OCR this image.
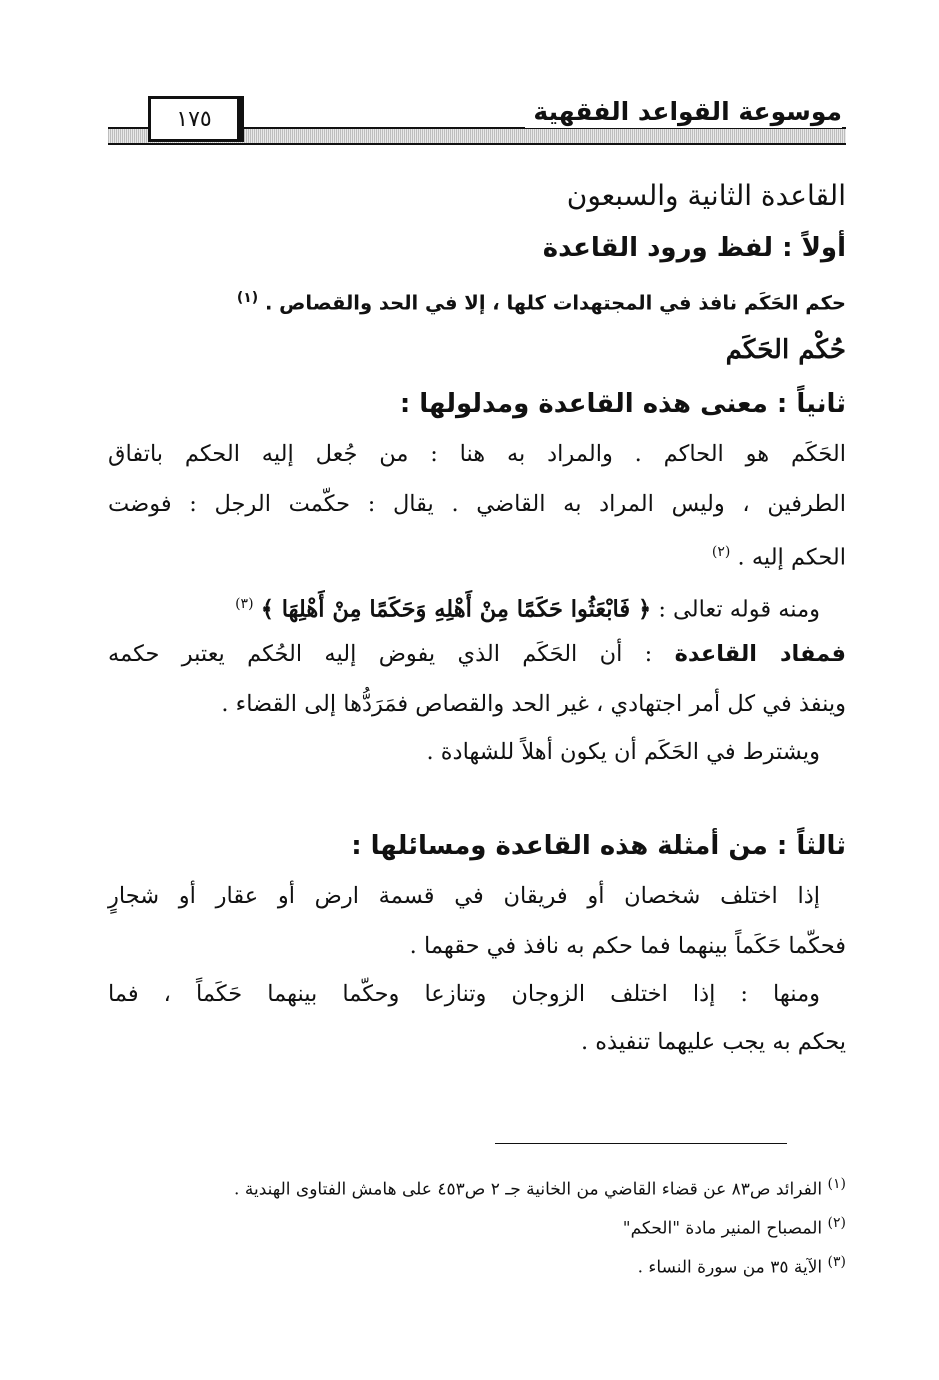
موسوعة القواعد الفقهية
١٧٥
القاعدة الثانية والسبعون
أولاً : لفظ ورود القاعدة
حكم الحَكَم نافذ في المجتهدات كلها ، إلا في الحد والقصاص . $^{(١)}$
حُكْم الحَكَم
ثانياً : معنى هذه القاعدة ومدلولها :
الحَكَم هو الحاكم . والمراد به هنا : من جُعل إليه الحكم باتفاق
الطرفين ، وليس المراد به القاضي . يقال : حكّمت الرجل : فوضت
الحكم إليه . $^{(٢)}$
ومنه قوله تعالى : ﴿ فَابْعَثُوا حَكَمًا مِنْ أَهْلِهِ وَحَكَمًا مِنْ أَهْلِهَا ﴾ $^{(٣)}$
فمفاد القاعدة : أن الحَكَم الذي يفوض إليه الحُكم يعتبر حكمه
وينفذ في كل أمر اجتهادي ، غير الحد والقصاص فمَرَدُّها إلى القضاء .
ويشترط في الحَكَم أن يكون أهلاً للشهادة .
ثالثاً : من أمثلة هذه القاعدة ومسائلها :
إذا اختلف شخصان أو فريقان في قسمة ارض أو عقار أو شجارٍ
فحكّما حَكَماً بينهما فما حكم به نافذ في حقهما .
ومنها : إذا اختلف الزوجان وتنازعا وحكّما بينهما حَكَماً ، فما
يحكم به يجب عليهما تنفيذه .
$^{(١)}$ الفرائد ص٨٣ عن قضاء القاضي من الخانية جـ ٢ ص٤٥٣ على هامش الفتاوى الهندية .
$^{(٢)}$ المصباح المنير مادة "الحكم"
$^{(٣)}$ الآية ٣٥ من سورة النساء .
